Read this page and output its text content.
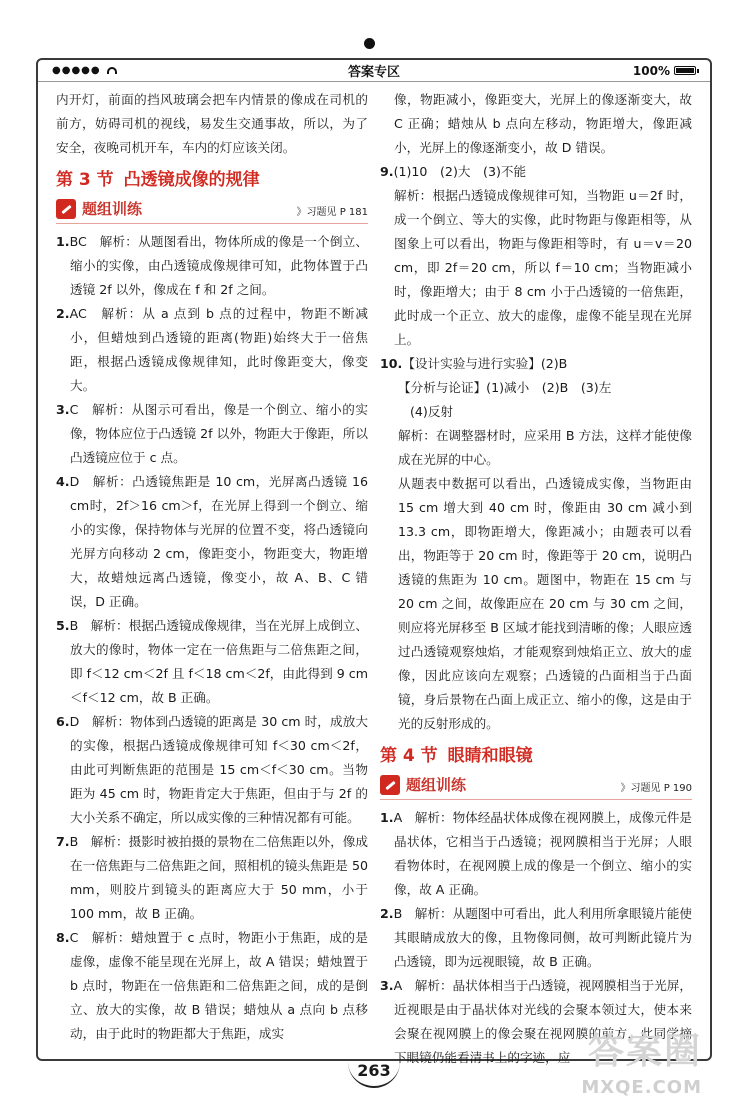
●●●●●	答案专区	100%

内开灯，前面的挡风玻璃会把车内情景的像成在司机的前方，妨碍司机的视线，易发生交通事故，所以，为了安全，夜晚司机开车，车内的灯应该关闭。

第 3 节 凸透镜成像的规律
题组训练	》习题见 P 181

1.BC　解析：从题图看出，物体所成的像是一个倒立、缩小的实像，由凸透镜成像规律可知，此物体置于凸透镜 2f 以外，像成在 f 和 2f 之间。

2.AC　解析：从 a 点到 b 点的过程中，物距不断减小，但蜡烛到凸透镜的距离(物距)始终大于一倍焦距，根据凸透镜成像规律知，此时像距变大，像变大。

3.C　解析：从图示可看出，像是一个倒立、缩小的实像，物体应位于凸透镜 2f 以外，物距大于像距，所以凸透镜应位于 c 点。

4.D　解析：凸透镜焦距是 10 cm，光屏离凸透镜 16 cm时，2f＞16 cm＞f，在光屏上得到一个倒立、缩小的实像，保持物体与光屏的位置不变，将凸透镜向光屏方向移动 2 cm，像距变小，物距变大，物距增大，故蜡烛远离凸透镜，像变小，故 A、B、C 错误，D 正确。

5.B　解析：根据凸透镜成像规律，当在光屏上成倒立、放大的像时，物体一定在一倍焦距与二倍焦距之间，即 f＜12 cm＜2f 且 f＜18 cm＜2f，由此得到 9 cm＜f＜12 cm，故 B 正确。

6.D　解析：物体到凸透镜的距离是 30 cm 时，成放大的实像，根据凸透镜成像规律可知 f＜30 cm＜2f，由此可判断焦距的范围是 15 cm＜f＜30 cm。当物距为 45 cm 时，物距肯定大于焦距，但由于与 2f 的大小关系不确定，所以成实像的三种情况都有可能。

7.B　解析：摄影时被拍摄的景物在二倍焦距以外，像成在一倍焦距与二倍焦距之间，照相机的镜头焦距是 50 mm，则胶片到镜头的距离应大于 50 mm，小于 100 mm，故 B 正确。

8.C　解析：蜡烛置于 c 点时，物距小于焦距，成的是虚像，虚像不能呈现在光屏上，故 A 错误；蜡烛置于 b 点时，物距在一倍焦距和二倍焦距之间，成的是倒立、放大的实像，故 B 错误；蜡烛从 a 点向 b 点移动，由于此时的物距都大于焦距，成实

像，物距减小，像距变大，光屏上的像逐渐变大，故 C 正确；蜡烛从 b 点向左移动，物距增大，像距减小，光屏上的像逐渐变小，故 D 错误。

9.(1)10　(2)大　(3)不能

解析：根据凸透镜成像规律可知，当物距 u＝2f 时，成一个倒立、等大的实像，此时物距与像距相等，从图象上可以看出，物距与像距相等时，有 u＝v＝20 cm，即 2f＝20 cm，所以 f＝10 cm；当物距减小时，像距增大；由于 8 cm 小于凸透镜的一倍焦距，此时成一个正立、放大的虚像，虚像不能呈现在光屏上。

10.【设计实验与进行实验】(2)B

【分析与论证】(1)减小　(2)B　(3)左

(4)反射

解析：在调整器材时，应采用 B 方法，这样才能使像成在光屏的中心。

从题表中数据可以看出，凸透镜成实像，当物距由 15 cm 增大到 40 cm 时，像距由 30 cm 减小到 13.3 cm，即物距增大，像距减小；由题表可以看出，物距等于 20 cm 时，像距等于 20 cm，说明凸透镜的焦距为 10 cm。题图中，物距在 15 cm 与 20 cm 之间，故像距应在 20 cm 与 30 cm 之间，则应将光屏移至 B 区域才能找到清晰的像；人眼应透过凸透镜观察烛焰，才能观察到烛焰正立、放大的虚像，因此应该向左观察；凸透镜的凸面相当于凸面镜，身后景物在凸面上成正立、缩小的像，这是由于光的反射形成的。

第 4 节 眼睛和眼镜
题组训练	》习题见 P 190

1.A　解析：物体经晶状体成像在视网膜上，成像元件是晶状体，它相当于凸透镜；视网膜相当于光屏；人眼看物体时，在视网膜上成的像是一个倒立、缩小的实像，故 A 正确。

2.B　解析：从题图中可看出，此人利用所拿眼镜片能使其眼睛成放大的像，且物像同侧，故可判断此镜片为凸透镜，即为远视眼镜，故 B 正确。

3.A　解析：晶状体相当于凸透镜，视网膜相当于光屏，近视眼是由于晶状体对光线的会聚本领过大，使本来会聚在视网膜上的像会聚在视网膜的前方，此同学摘下眼镜仍能看清书上的字迹，应

263	答案圈
MXQE.COM
